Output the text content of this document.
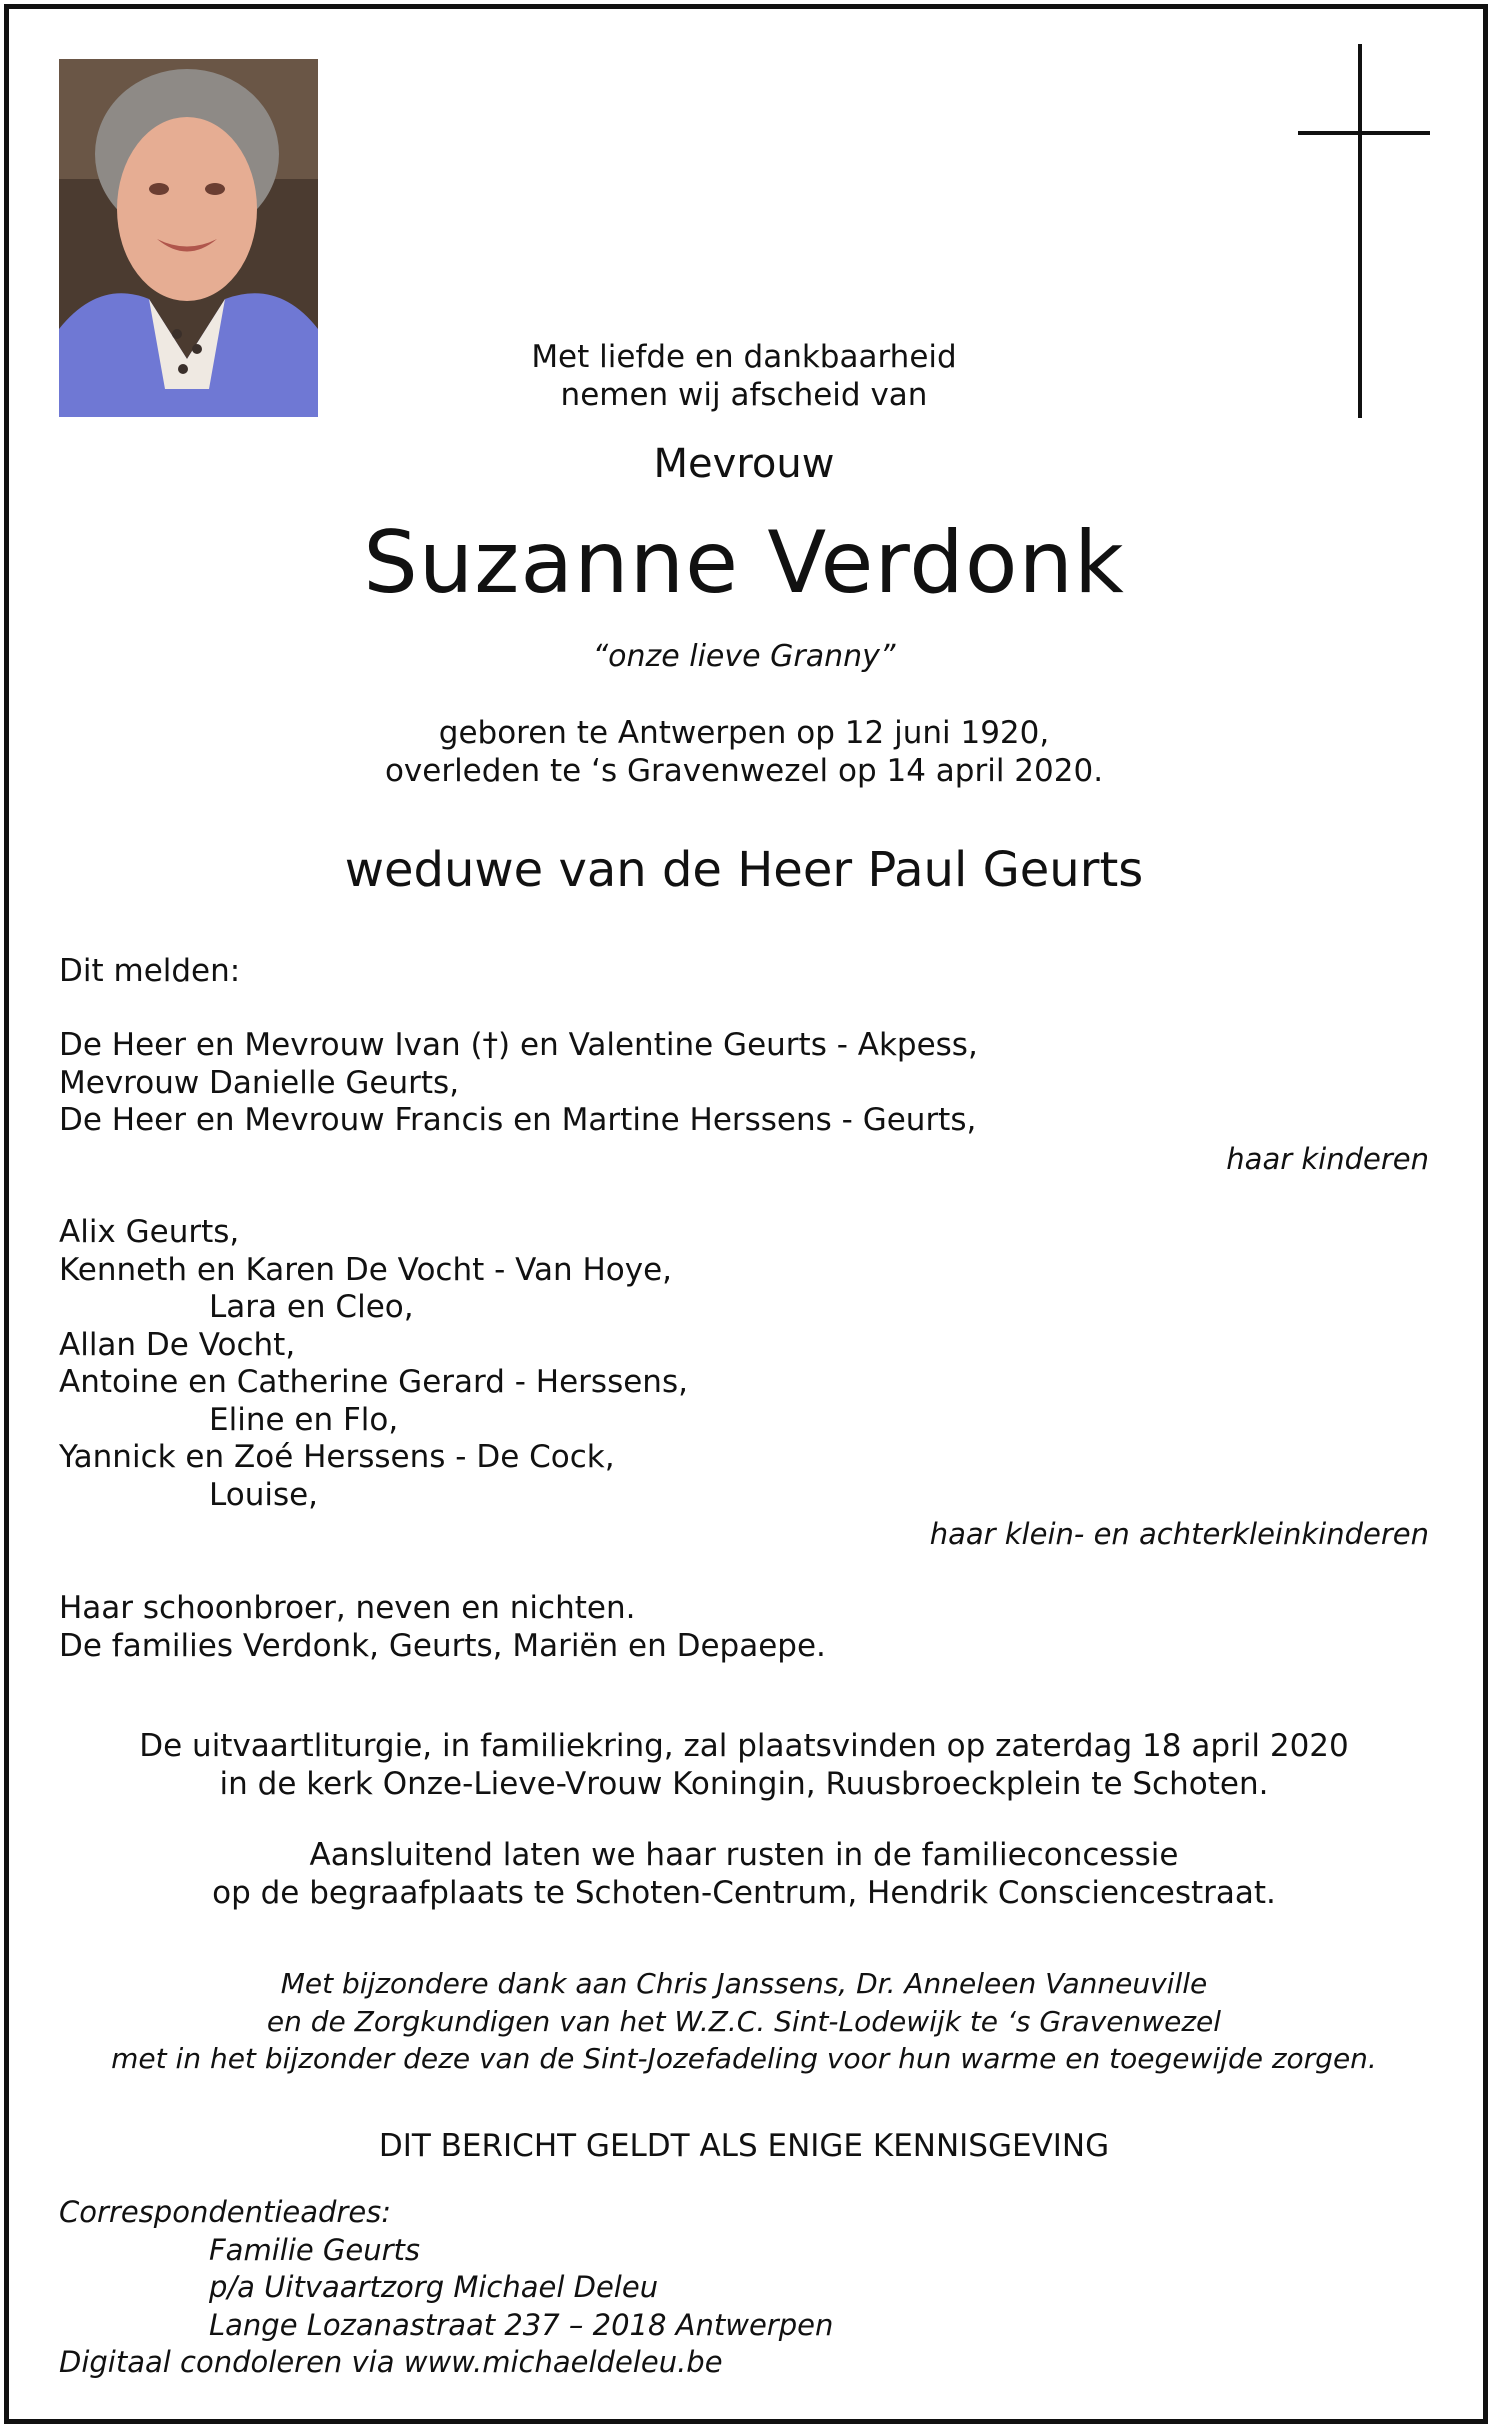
Met liefde en dankbaarheid
nemen wij afscheid van
Mevrouw
Suzanne Verdonk
“onze lieve Granny”
geboren te Antwerpen op 12 juni 1920,
overleden te ‘s Gravenwezel op 14 april 2020.
weduwe van de Heer Paul Geurts
Dit melden:
De Heer en Mevrouw Ivan (†) en Valentine Geurts - Akpess,
Mevrouw Danielle Geurts,
De Heer en Mevrouw Francis en Martine Herssens - Geurts,
haar kinderen
Alix Geurts,
Kenneth en Karen De Vocht - Van Hoye,
Lara en Cleo,
Allan De Vocht,
Antoine en Catherine Gerard - Herssens,
Eline en Flo,
Yannick en Zoé Herssens - De Cock,
Louise,
haar klein- en achterkleinkinderen
Haar schoonbroer, neven en nichten.
De families Verdonk, Geurts, Mariën en Depaepe.
De uitvaartliturgie, in familiekring, zal plaatsvinden op zaterdag 18 april 2020
in de kerk Onze-Lieve-Vrouw Koningin, Ruusbroeckplein te Schoten.
Aansluitend laten we haar rusten in de familieconcessie
op de begraafplaats te Schoten-Centrum, Hendrik Consciencestraat.
Met bijzondere dank aan Chris Janssens, Dr. Anneleen Vanneuville
en de Zorgkundigen van het W.Z.C. Sint-Lodewijk te ‘s Gravenwezel
met in het bijzonder deze van de Sint-Jozefadeling voor hun warme en toegewijde zorgen.
DIT BERICHT GELDT ALS ENIGE KENNISGEVING
Correspondentieadres:
Familie Geurts
p/a Uitvaartzorg Michael Deleu
Lange Lozanastraat 237 – 2018 Antwerpen
Digitaal condoleren via www.michaeldeleu.be
